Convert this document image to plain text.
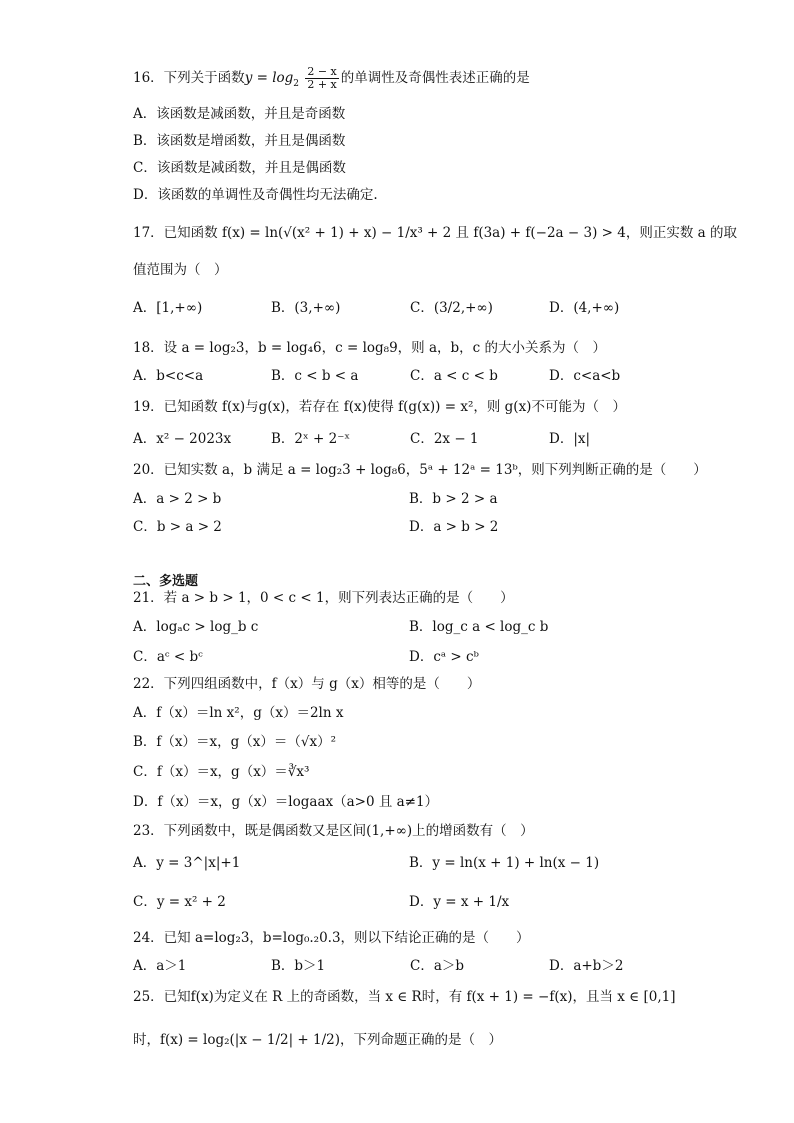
16．下列关于函数$y = \log_2 \frac{2 - x}{2 + x}$ 的单调性及奇偶性表述正确的是
A．该函数是减函数，并且是奇函数
B．该函数是增函数，并且是偶函数
C．该函数是减函数，并且是偶函数
D．该函数的单调性及奇偶性均无法确定.
17．已知函数 f(x) = ln(√(x² + 1) + x) − 1/x³ + 2 且 f(3a) + f(−2a − 3) > 4，则正实数 a 的取
值范围为（　）
A．[1,+∞)	B．(3,+∞)	C．(3/2,+∞)	D．(4,+∞)
18．设 a = log₂3，b = log₄6，c = log₈9，则 a，b，c 的大小关系为（　）
A．b<c<a	B．c < b < a	C．a < c < b	D．c<a<b
19．已知函数 f(x)与g(x)，若存在 f(x)使得 f(g(x)) = x²，则 g(x)不可能为（　）
A．x² − 2023x	B．2ˣ + 2⁻ˣ	C．2x − 1	D．|x|
20．已知实数 a，b 满足 a = log₂3 + log₈6，5ᵃ + 12ᵃ = 13ᵇ，则下列判断正确的是（　　）
A．a > 2 > b	B．b > 2 > a
C．b > a > 2	D．a > b > 2
二、多选题
21．若 a > b > 1，0 < c < 1，则下列表达正确的是（　　）
A．logₐc > log_b c	B．log_c a < log_c b
C．aᶜ < bᶜ	D．cᵃ > cᵇ
22．下列四组函数中，f（x）与 g（x）相等的是（　　）
A．f（x）＝ln x²，g（x）＝2ln x
B．f（x）＝x，g（x）＝（√x）²
C．f（x）＝x，g（x）＝∛x³
D．f（x）＝x，g（x）＝logaax（a>0 且 a≠1）
23．下列函数中，既是偶函数又是区间(1,+∞)上的增函数有（　）
A．y = 3^|x|+1	B．y = ln(x + 1) + ln(x − 1)
C．y = x² + 2	D．y = x + 1/x
24．已知 a=log₂3，b=log₀.₂0.3，则以下结论正确的是（　　）
A．a＞1	B．b＞1	C．a＞b	D．a+b＞2
25．已知f(x)为定义在 R 上的奇函数，当 x ∈ R时，有 f(x + 1) = −f(x)，且当 x ∈ [0,1]
时，f(x) = log₂(|x − 1/2| + 1/2)，下列命题正确的是（　）
